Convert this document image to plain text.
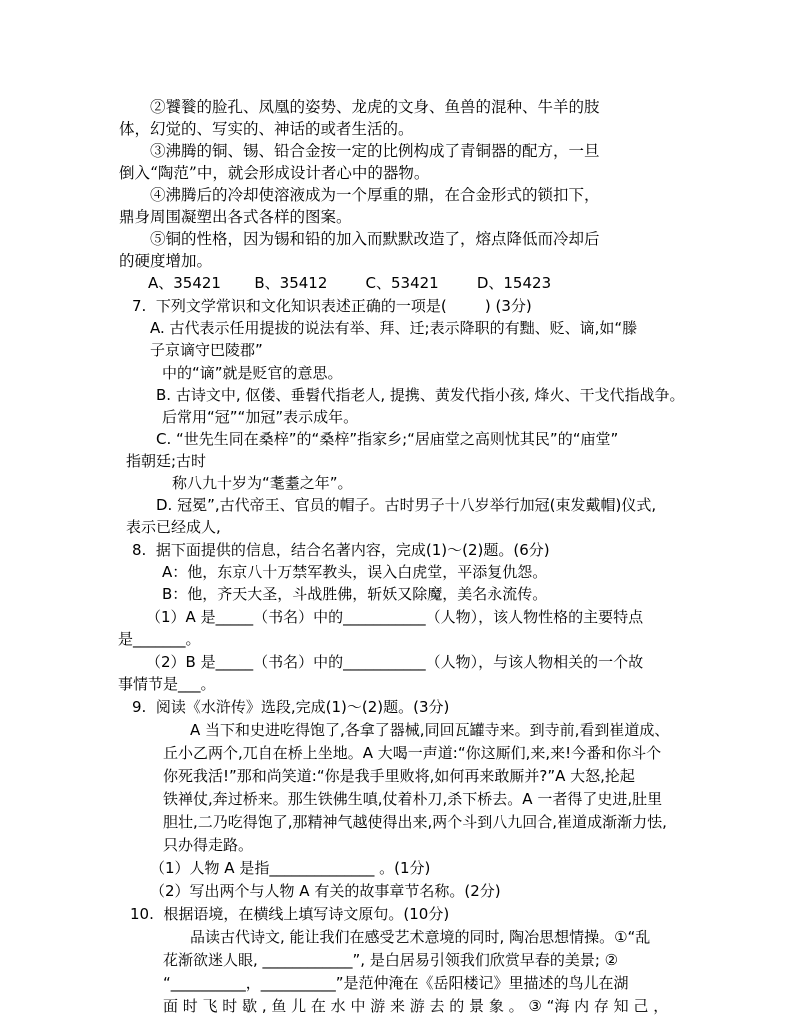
②饕餮的脸孔、凤凰的姿势、龙虎的文身、鱼兽的混种、牛羊的肢
体，幻觉的、写实的、神话的或者生活的。
③沸腾的铜、锡、铅合金按一定的比例构成了青铜器的配方，一旦
倒入“陶范”中，就会形成设计者心中的器物。
④沸腾后的冷却使溶液成为一个厚重的鼎，在合金形式的锁扣下，
鼎身周围凝塑出各式各样的图案。
⑤铜的性格，因为锡和铅的加入而默默改造了，熔点降低而冷却后
的硬度增加。
A、35421       B、35412        C、53421        D、15423
7.  下列文学常识和文化知识表述正确的一项是(        ) (3分)
A. 古代表示任用提拔的说法有举、拜、迁;表示降职的有黜、贬、谪,如“滕
子京谪守巴陵郡”
中的“谪”就是贬官的意思。
B. 古诗文中, 伛偻、垂髫代指老人, 提携、黄发代指小孩, 烽火、干戈代指战争。
后常用“冠”“加冠”表示成年。
C. “世先生同在桑梓”的“桑梓”指家乡;“居庙堂之高则忧其民”的“庙堂”
指朝廷;古时
称八九十岁为“耄耋之年”。
D. 冠冕”,古代帝王、官员的帽子。古时男子十八岁举行加冠(束发戴帽)仪式,
表示已经成人,
8.  据下面提供的信息，结合名著内容，完成(1)～(2)题。(6分)
A：他，东京八十万禁军教头，误入白虎堂，平添复仇怨。
B：他，齐天大圣，斗战胜佛，斩妖又除魔，美名永流传。
（1）A 是_____（书名）中的___________（人物），该人物性格的主要特点
是_______。
（2）B 是_____（书名）中的___________（人物），与该人物相关的一个故
事情节是___。
9.  阅读《水浒传》选段,完成(1)～(2)题。(3分)
A 当下和史进吃得饱了,各拿了器械,同回瓦罐寺来。到寺前,看到崔道成、
丘小乙两个,兀自在桥上坐地。A 大喝一声道:“你这厮们,来,来!今番和你斗个
你死我活!”那和尚笑道:“你是我手里败将,如何再来敢厮并?”A 大怒,抡起
铁禅仗,奔过桥来。那生铁佛生嗔,仗着朴刀,杀下桥去。A 一者得了史进,肚里
胆壮,二乃吃得饱了,那精神气越使得出来,两个斗到八九回合,崔道成渐渐力怯,
只办得走路。
（1）人物 A 是指______________ 。(1分)
（2）写出两个与人物 A 有关的故事章节名称。(2分)
10.  根据语境，在横线上填写诗文原句。(10分)
品读古代诗文, 能让我们在感受艺术意境的同时, 陶冶思想情操。①“乱
花渐欲迷人眼, ____________”, 是白居易引领我们欣赏早春的美景; ②
“__________，__________”是范仲淹在《岳阳楼记》里描述的鸟儿在湖
面 时 飞 时 歇 , 鱼 儿 在 水 中 游 来 游 去 的 景 象 。 ③ “海 内 存 知 己 ，
